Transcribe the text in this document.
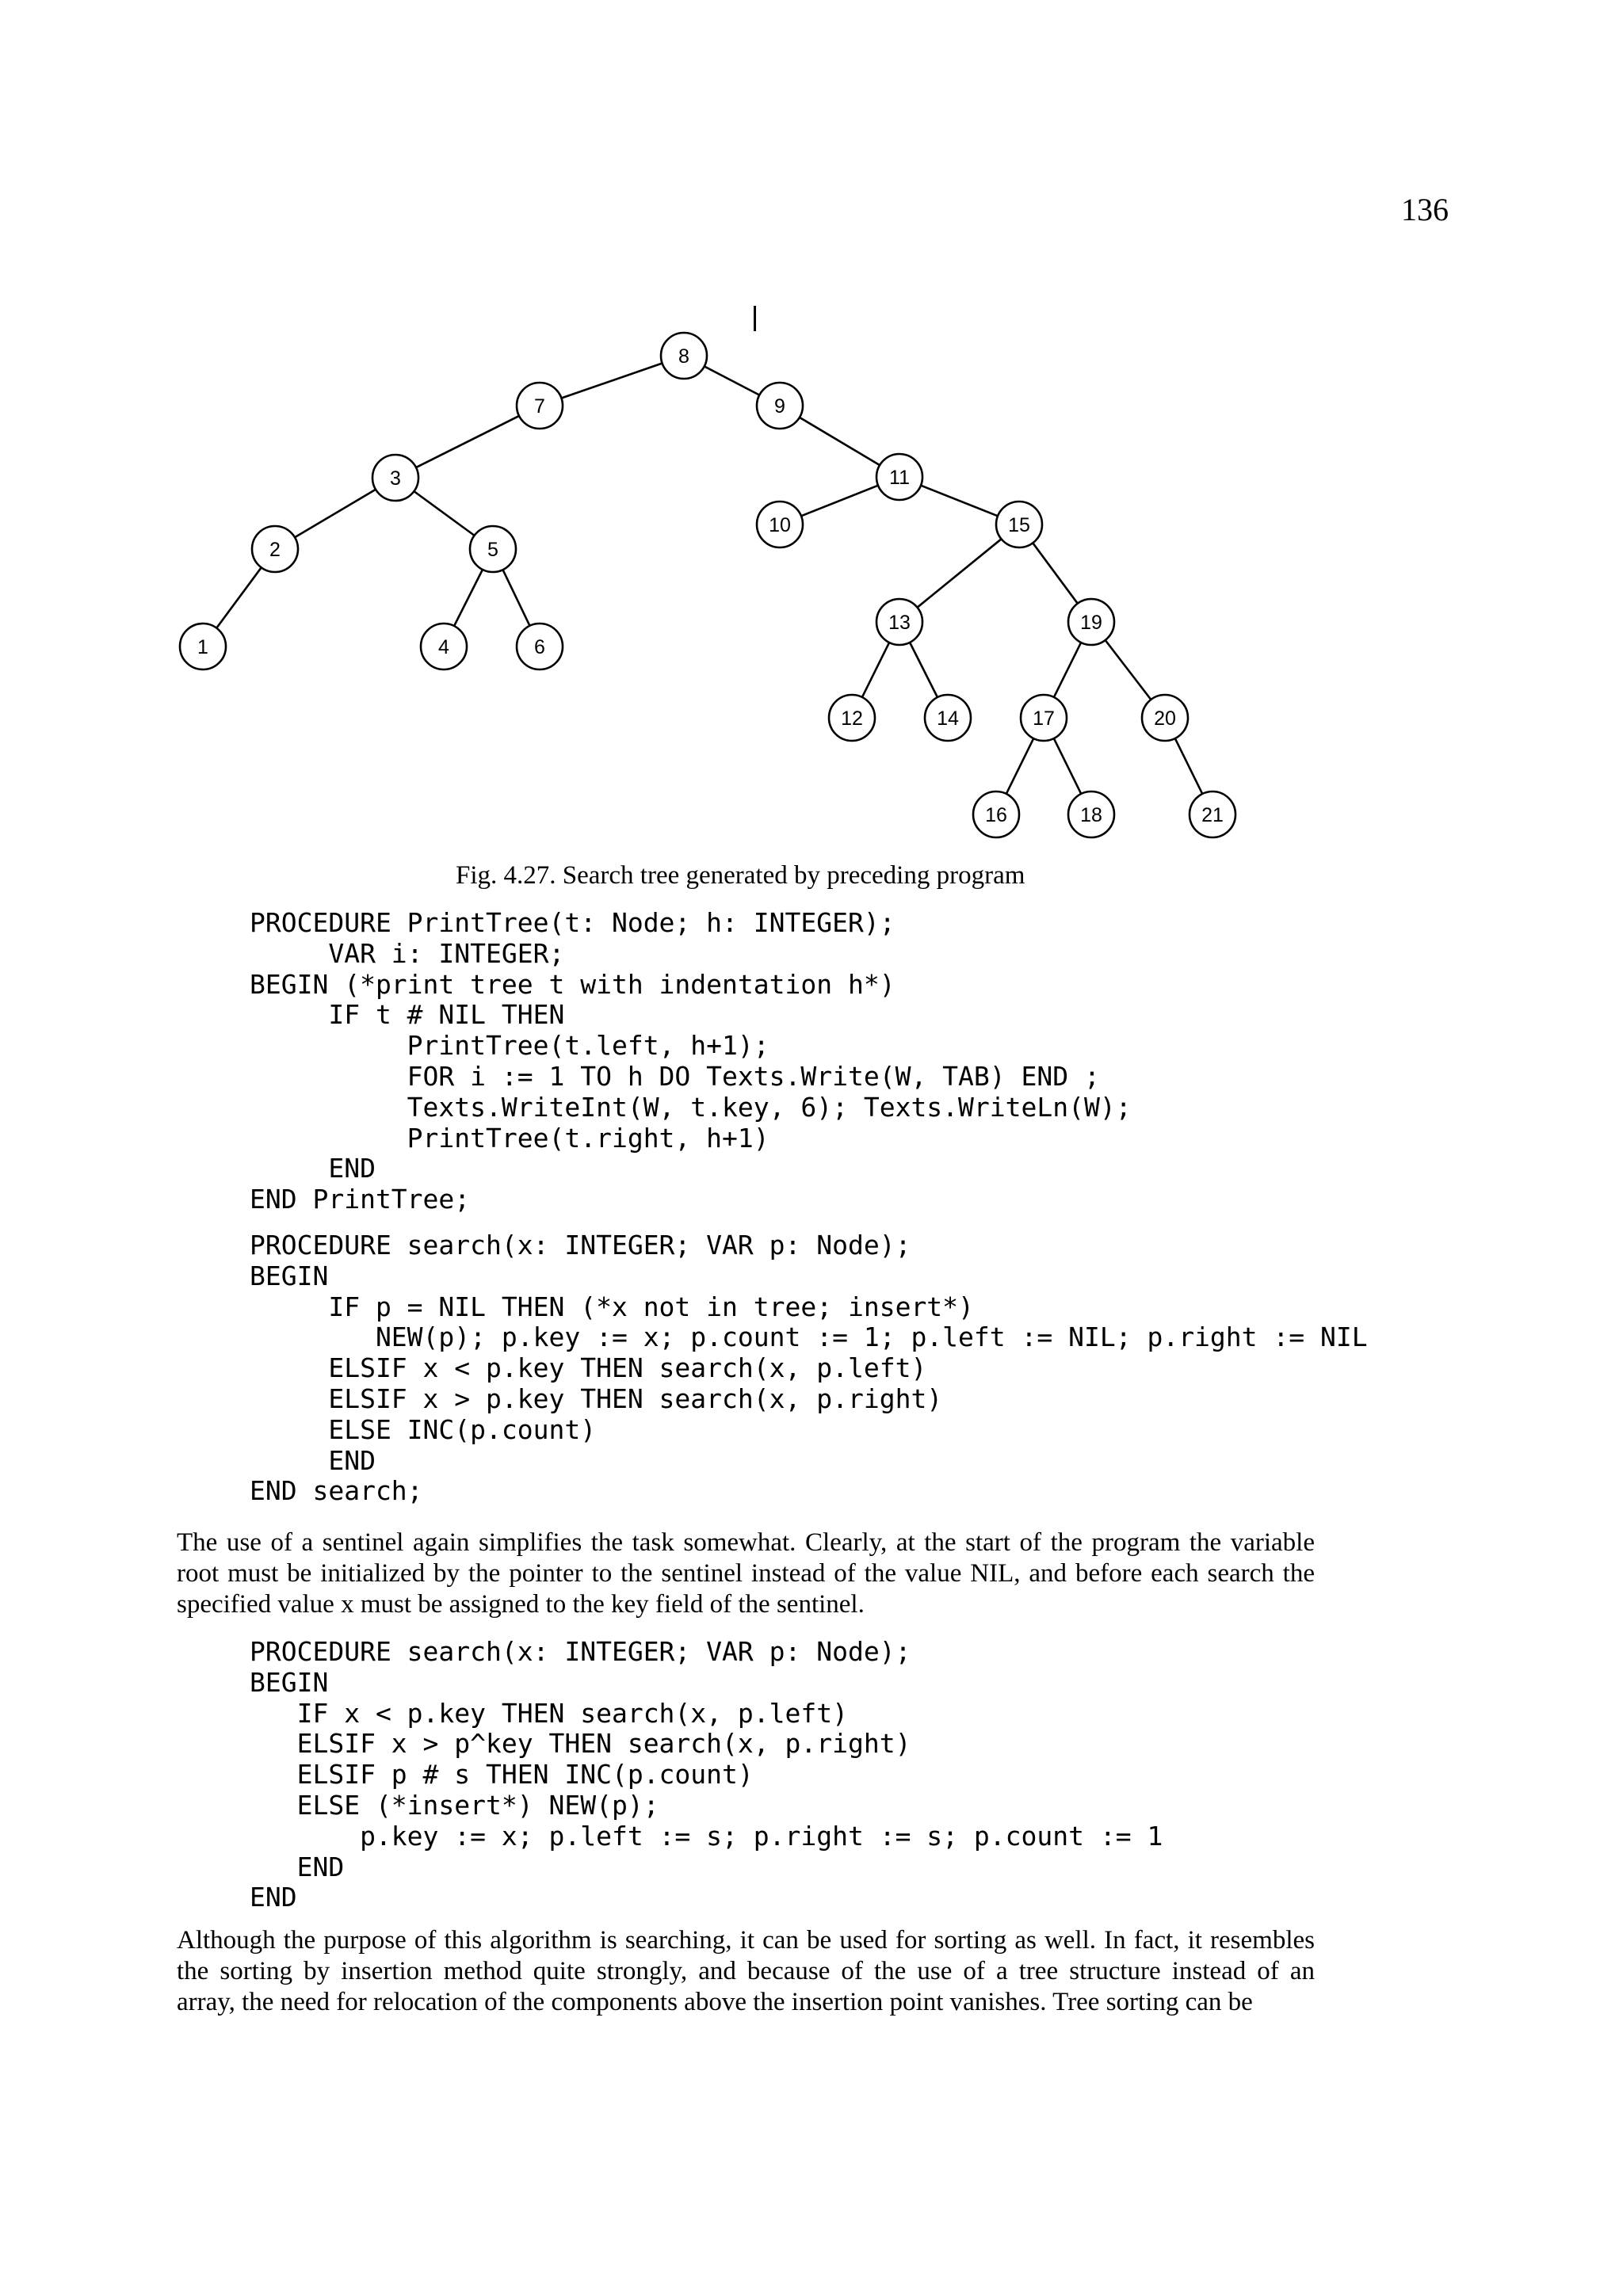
136
8
7	9
3	11
2	5
10	15
1	4	6
13	19
12	14	17	20
16	18	21
Fig. 4.27. Search tree generated by preceding program
PROCEDURE PrintTree(t: Node; h: INTEGER);
VAR i: INTEGER;
BEGIN (*print tree t with indentation h*)
IF t # NIL THEN
PrintTree(t.left, h+1);
FOR i := 1 TO h DO Texts.Write(W, TAB) END ;
Texts.WriteInt(W, t.key, 6); Texts.WriteLn(W);
PrintTree(t.right, h+1)
END
END PrintTree;
PROCEDURE search(x: INTEGER; VAR p: Node);
BEGIN
IF p = NIL THEN (*x not in tree; insert*)
NEW(p); p.key := x; p.count := 1; p.left := NIL; p.right := NIL
ELSIF x < p.key THEN search(x, p.left)
ELSIF x > p.key THEN search(x, p.right)
ELSE INC(p.count)
END
END search;
The use of a sentinel again simplifies the task somewhat. Clearly, at the start of the program the variable
root must be initialized by the pointer to the sentinel instead of the value NIL, and before each search the
specified value x must be assigned to the key field of the sentinel.
PROCEDURE search(x: INTEGER; VAR p: Node);
BEGIN
IF x < p.key THEN search(x, p.left)
ELSIF x > p^key THEN search(x, p.right)
ELSIF p # s THEN INC(p.count)
ELSE (*insert*) NEW(p);
p.key := x; p.left := s; p.right := s; p.count := 1
END
END
Although the purpose of this algorithm is searching, it can be used for sorting as well. In fact, it resembles
the sorting by insertion method quite strongly, and because of the use of a tree structure instead of an
array, the need for relocation of the components above the insertion point vanishes. Tree sorting can be
